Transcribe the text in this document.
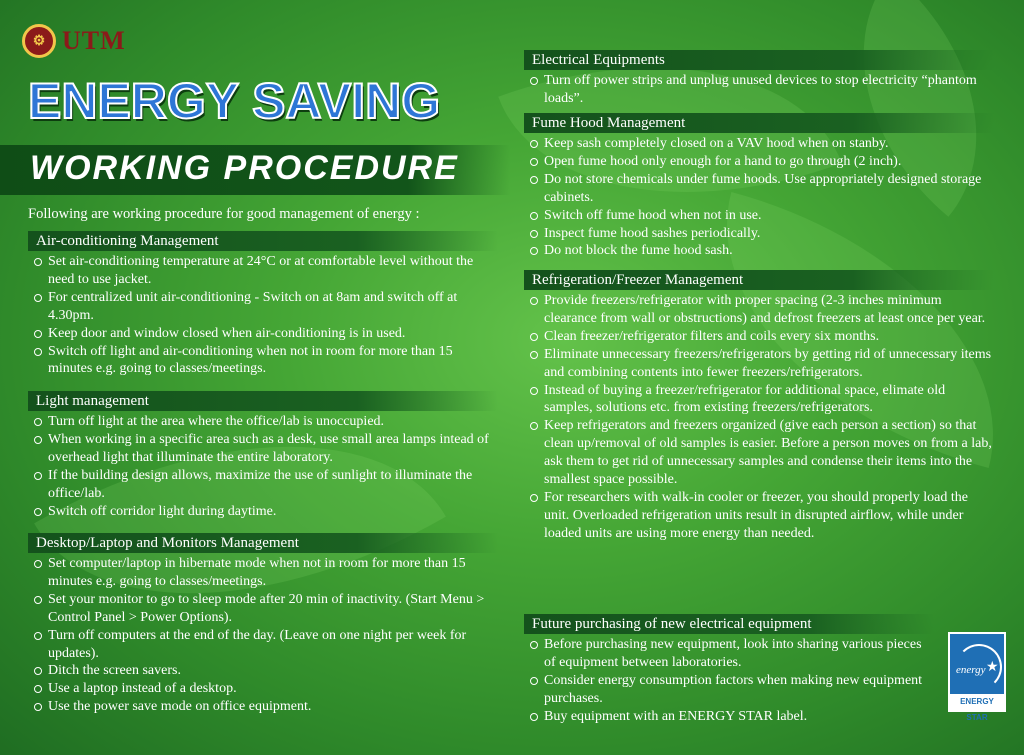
⚙ UTM
ENERGY SAVING
WORKING PROCEDURE
Following are working procedure for good management of energy :
Air-conditioning Management
Set air-conditioning temperature at 24°C or at comfortable level without the need to use jacket.
For centralized unit air-conditioning - Switch on at 8am and switch off at 4.30pm.
Keep door and window closed when air-conditioning is in used.
Switch off light and air-conditioning when not in room for more than 15 minutes e.g. going to classes/meetings.
Light management
Turn off light at the area where the office/lab is unoccupied.
When working in a specific area such as a desk, use small area lamps intead of overhead light that illuminate the entire laboratory.
If the building design allows, maximize the use of sunlight to illuminate the office/lab.
Switch off corridor light during daytime.
Desktop/Laptop and Monitors Management
Set computer/laptop in hibernate mode when not in room for more than 15 minutes e.g. going to classes/meetings.
Set your monitor to go to sleep mode after 20 min of inactivity. (Start Menu > Control Panel > Power Options).
Turn off computers at the end of the day. (Leave on one night per week for updates).
Ditch the screen savers.
Use a laptop instead of a desktop.
Use the power save mode on office equipment.
Electrical Equipments
Turn off power strips and unplug unused devices to stop electricity “phantom loads”.
Fume Hood Management
Keep sash completely closed on a VAV hood when on stanby.
Open fume hood only enough for a hand to go through (2 inch).
Do not store chemicals under fume hoods. Use appropriately designed storage cabinets.
Switch off fume hood when not in use.
Inspect fume hood sashes periodically.
Do not block the fume hood sash.
Refrigeration/Freezer Management
Provide freezers/refrigerator with proper spacing (2-3 inches minimum clearance from wall or obstructions) and defrost freezers at least once per year.
Clean freezer/refrigerator filters and coils every six months.
Eliminate unnecessary freezers/refrigerators by getting rid of unnecessary items and combining contents into fewer freezers/refrigerators.
Instead of buying a freezer/refrigerator for additional space, elimate old samples, solutions etc. from existing freezers/refrigerators.
Keep refrigerators and freezers organized (give each person a section) so that clean up/removal of old samples is easier. Before a person moves on from a lab, ask them to get rid of unnecessary samples and condense their items into the smallest space possible.
For researchers with walk-in cooler or freezer, you should properly load the unit. Overloaded refrigeration units result in disrupted airflow, while under loaded units are using more energy than needed.
Future purchasing of new electrical equipment
Before purchasing new equipment, look into sharing various pieces of equipment between laboratories.
Consider energy consumption factors when making new equipment purchases.
Buy equipment with an ENERGY STAR label.
energy ★
ENERGY STAR
